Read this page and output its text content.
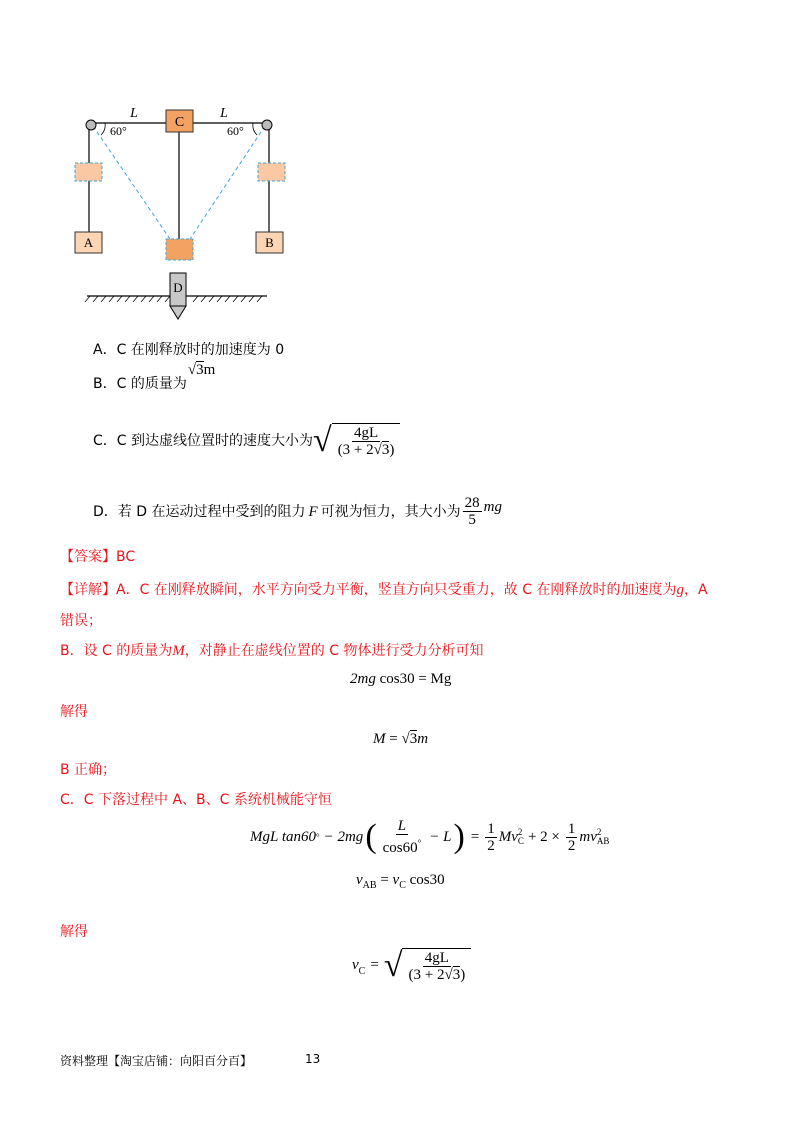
C
L	L
60°	60°
A	B
D
A．C 在刚释放时的加速度为 0
B．C 的质量为
√3m
C．C 到达虚线位置时的速度大小为 √ $\frac{4gL}{(3 + 2√3)}$
D．若 D 在运动过程中受到的阻力 F 可视为恒力，其大小为 $\frac{28}{5}$ mg
【答案】BC
【详解】A．C 在刚释放瞬间，水平方向受力平衡，竖直方向只受重力，故 C 在刚释放时的加速度为g，A
错误；
B．设 C 的质量为M，对静止在虚线位置的 C 物体进行受力分析可知
2mg cos30 = Mg
解得
M = √3m
B 正确；
C．C 下落过程中 A、B、C 系统机械能守恒
MgL tan60 ° − 2mg ( $\frac{L}{\cos 60^\circ} - L$ ) = $\frac{1}{2}$ Mv 2
$C + 2 \times \frac{1}{2}$ mv 2
AB
$v_{AB} = v_C$ cos30
解得
$v_C$ = √ $\frac{4gL}{(3 + 2√3)}$
资料整理【淘宝店铺：向阳百分百】	13
